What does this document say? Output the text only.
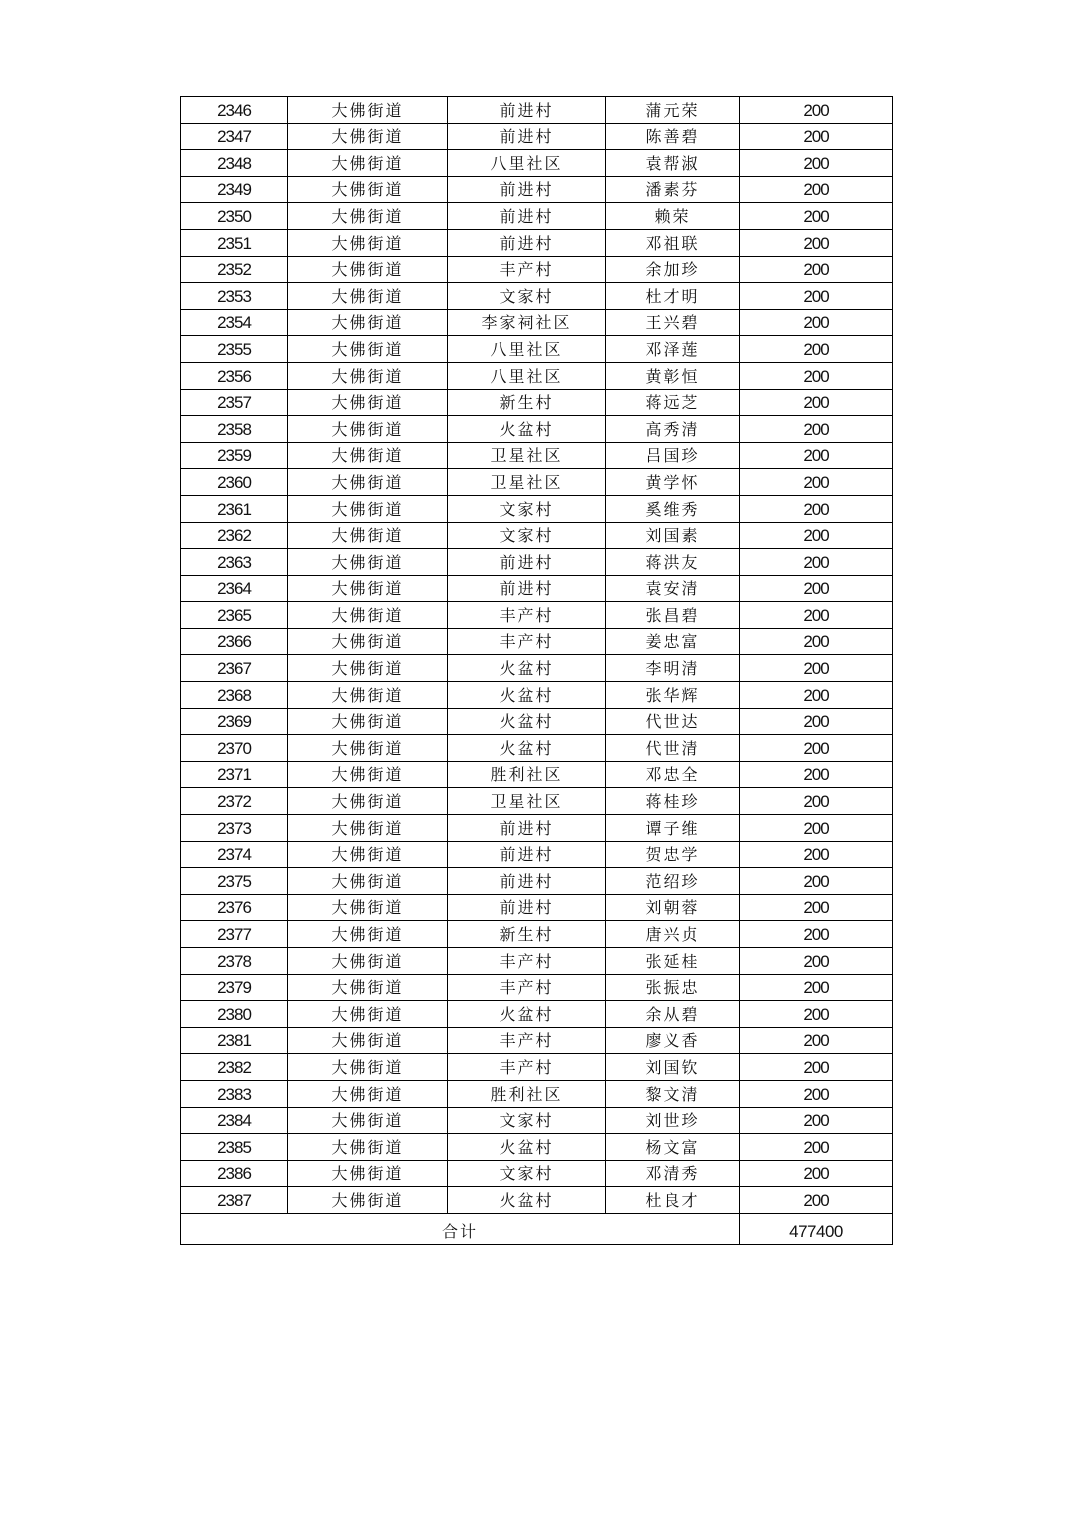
2346	大佛街道	前进村	蒲元荣	200
2347	大佛街道	前进村	陈善碧	200
2348	大佛街道	八里社区	袁帮淑	200
2349	大佛街道	前进村	潘素芬	200
2350	大佛街道	前进村	赖荣	200
2351	大佛街道	前进村	邓祖联	200
2352	大佛街道	丰产村	余加珍	200
2353	大佛街道	文家村	杜才明	200
2354	大佛街道	李家祠社区	王兴碧	200
2355	大佛街道	八里社区	邓泽莲	200
2356	大佛街道	八里社区	黄彰恒	200
2357	大佛街道	新生村	蒋远芝	200
2358	大佛街道	火盆村	高秀清	200
2359	大佛街道	卫星社区	吕国珍	200
2360	大佛街道	卫星社区	黄学怀	200
2361	大佛街道	文家村	奚维秀	200
2362	大佛街道	文家村	刘国素	200
2363	大佛街道	前进村	蒋洪友	200
2364	大佛街道	前进村	袁安清	200
2365	大佛街道	丰产村	张昌碧	200
2366	大佛街道	丰产村	姜忠富	200
2367	大佛街道	火盆村	李明清	200
2368	大佛街道	火盆村	张华辉	200
2369	大佛街道	火盆村	代世达	200
2370	大佛街道	火盆村	代世清	200
2371	大佛街道	胜利社区	邓忠全	200
2372	大佛街道	卫星社区	蒋桂珍	200
2373	大佛街道	前进村	谭子维	200
2374	大佛街道	前进村	贺忠学	200
2375	大佛街道	前进村	范绍珍	200
2376	大佛街道	前进村	刘朝蓉	200
2377	大佛街道	新生村	唐兴贞	200
2378	大佛街道	丰产村	张延桂	200
2379	大佛街道	丰产村	张振忠	200
2380	大佛街道	火盆村	余从碧	200
2381	大佛街道	丰产村	廖义香	200
2382	大佛街道	丰产村	刘国钦	200
2383	大佛街道	胜利社区	黎文清	200
2384	大佛街道	文家村	刘世珍	200
2385	大佛街道	火盆村	杨文富	200
2386	大佛街道	文家村	邓清秀	200
2387	大佛街道	火盆村	杜良才	200
合计				477400
